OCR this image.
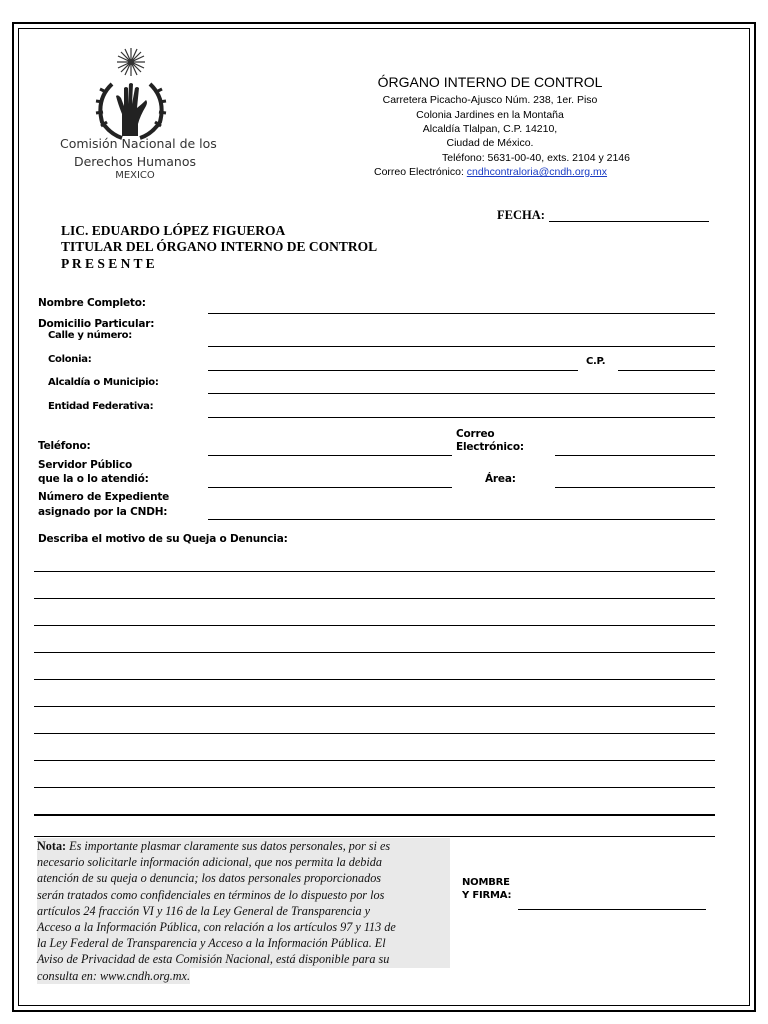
Comisión Nacional de los
Derechos Humanos
MEXICO
ÓRGANO INTERNO DE CONTROL
Carretera Picacho-Ajusco Núm. 238, 1er. Piso
Colonia Jardines en la Montaña
Alcaldía Tlalpan, C.P. 14210,
Ciudad de México.
Teléfono: 5631-00-40, exts. 2104 y 2146
Correo Electrónico: cndhcontraloria@cndh.org.mx
FECHA:
LIC. EDUARDO LÓPEZ FIGUEROA
TITULAR DEL ÓRGANO INTERNO DE CONTROL
P R E S E N T E
Nombre Completo:
Domicilio Particular:
Calle y número:
Colonia:	C.P.
Alcaldía o Municipio:
Entidad Federativa:
Teléfono:
Correo
Electrónico:
Servidor Público
que la o lo atendió:	Área:
Número de Expediente
asignado por la CNDH:
Describa el motivo de su Queja o Denuncia:
Nota: Es importante plasmar claramente sus datos personales, por si es
necesario solicitarle información adicional, que nos permita la debida
atención de su queja o denuncia; los datos personales proporcionados
serán tratados como confidenciales en términos de lo dispuesto por los
artículos 24 fracción VI y 116 de la Ley General de Transparencia y
Acceso a la Información Pública, con relación a los artículos 97 y 113 de
la Ley Federal de Transparencia y Acceso a la Información Pública. El
Aviso de Privacidad de esta Comisión Nacional, está disponible para su
consulta en: www.cndh.org.mx.
NOMBRE
Y FIRMA:
